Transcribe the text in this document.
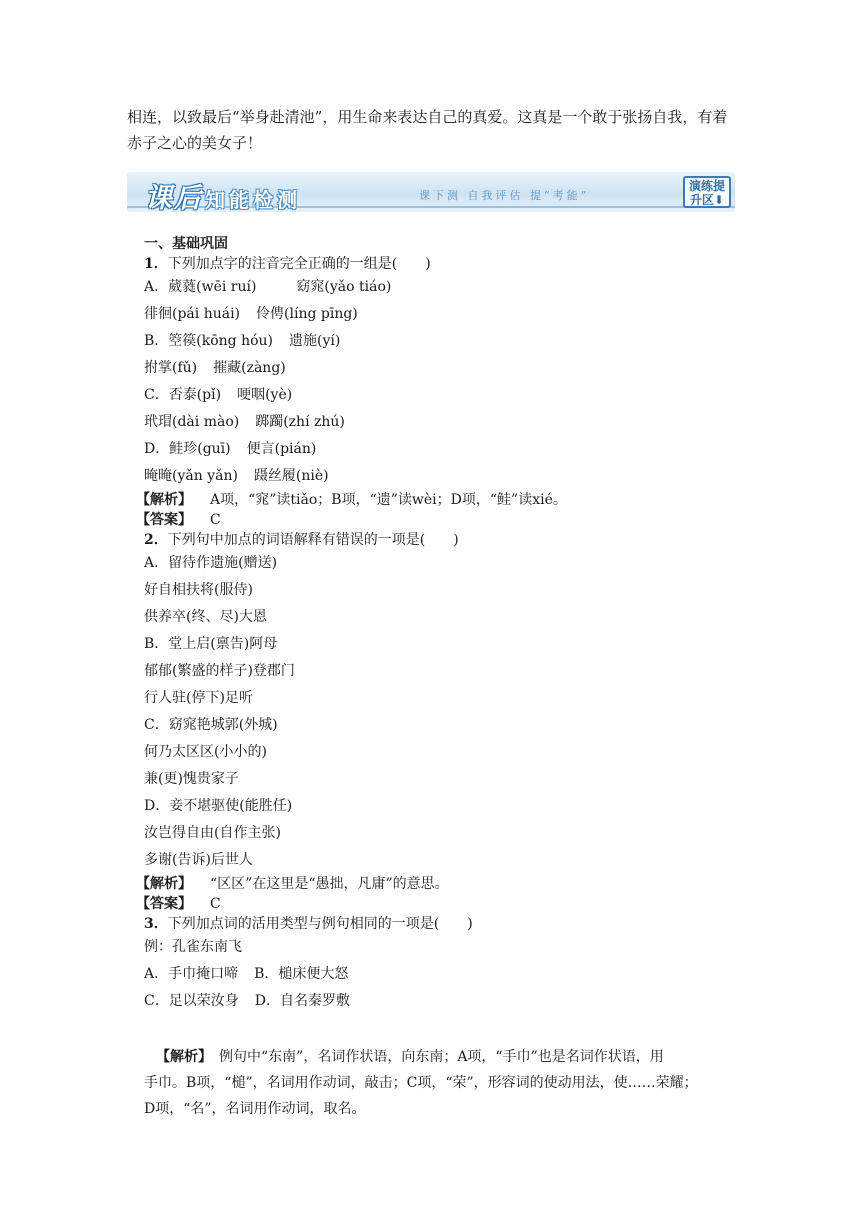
相连，以致最后“举身赴清池”，用生命来表达自己的真爱。这真是一个敢于张扬自我，有着
赤子之心的美女子！
课后 知能检测	课下测 自我评估 提“考能”
演练提
升区⬇
一、基础巩固
1．下列加点字的注音完全正确的一组是(　　)
A．葳蕤(wēi ruí)	窈窕(yǎo tiáo)
徘徊(pái huái) 伶俜(líng pīng)
B．箜篌(kōng hóu) 遗施(yí)
拊掌(fǔ) 摧藏(zàng)
C．否泰(pǐ) 哽咽(yè)
玳瑁(dài mào) 踯躅(zhí zhú)
D．鲑珍(guī) 便言(pián)
晻晻(yǎn yǎn) 蹑丝履(niè)
【解析】 A项，“窕”读tiǎo；B项，“遗”读wèi；D项，“鲑”读xié。
【答案】 C
2．下列句中加点的词语解释有错误的一项是(　　)
A．留待作遗施(赠送)
好自相扶将(服侍)
供养卒(终、尽)大恩
B．堂上启(禀告)阿母
郁郁(繁盛的样子)登郡门
行人驻(停下)足听
C．窈窕艳城郭(外城)
何乃太区区(小小的)
兼(更)愧贵家子
D．妾不堪驱使(能胜任)
汝岂得自由(自作主张)
多谢(告诉)后世人
【解析】 “区区”在这里是“愚拙，凡庸”的意思。
【答案】 C
3．下列加点词的活用类型与例句相同的一项是(　　)
例：孔雀东南飞
A．手巾掩口啼 B．槌床便大怒
C．足以荣汝身 D．自名秦罗敷
【解析】　 例句中“东南”，名词作状语，向东南；A项，“手巾”也是名词作状语，用
手巾。B项，“槌”，名词用作动词，敲击；C项，“荣”，形容词的使动用法，使……荣耀；
D项，“名”，名词用作动词，取名。
